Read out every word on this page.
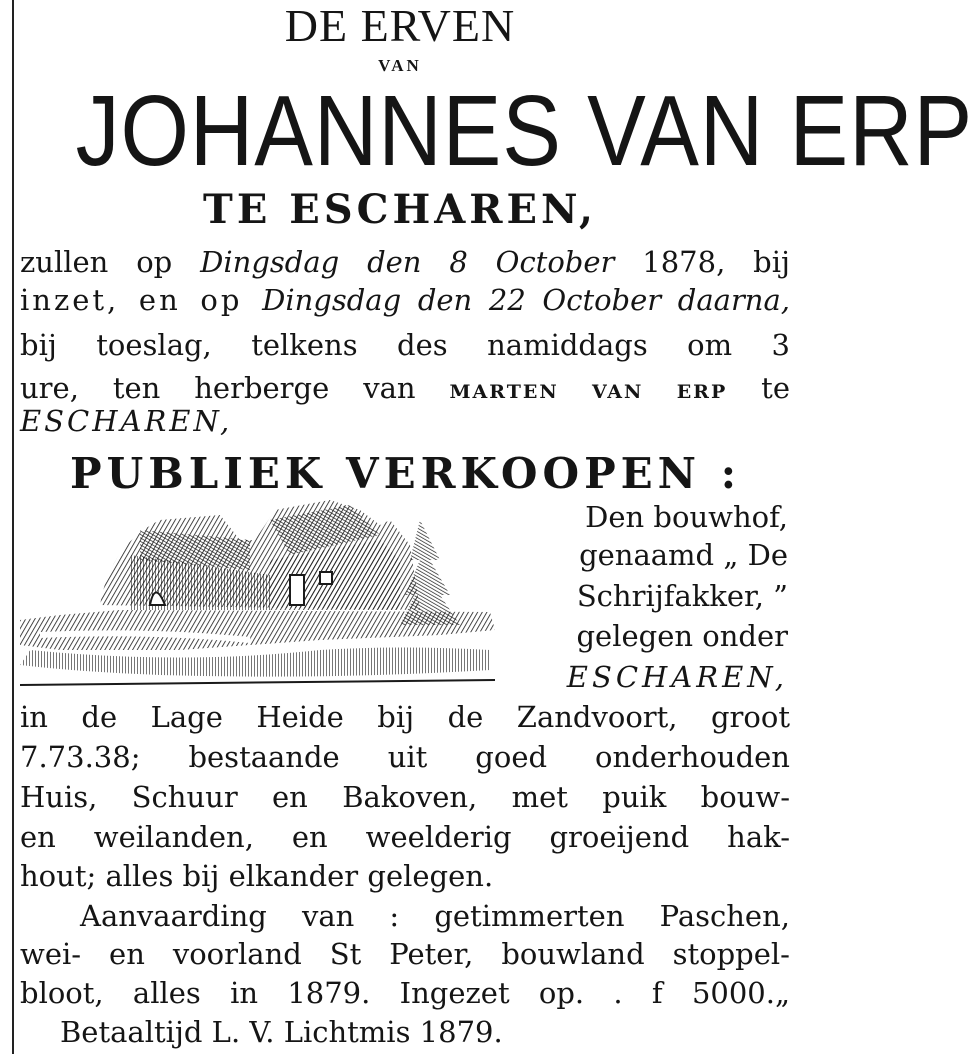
DE ERVEN
VAN
JOHANNES VAN ERP
TE ESCHAREN,
zullen op Dingsdag den 8 October 1878, bij
inzet, en op Dingsdag den 22 October daarna,
bij toeslag, telkens des namiddags om 3
ure, ten herberge van MARTEN VAN ERP te
ESCHAREN,
PUBLIEK VERKOOPEN :
Den bouwhof,
genaamd „ De
Schrijfakker, ”
gelegen onder
ESCHAREN,
in de Lage Heide bij de Zandvoort, groot
7.73.38; bestaande uit goed onderhouden
Huis, Schuur en Bakoven, met puik bouw-
en weilanden, en weelderig groeijend hak-
hout; alles bij elkander gelegen.
Aanvaarding van : getimmerten Paschen,
wei- en voorland St Peter, bouwland stoppel-
bloot, alles in 1879. Ingezet op. . f 5000.„
Betaaltijd L. V. Lichtmis 1879.
